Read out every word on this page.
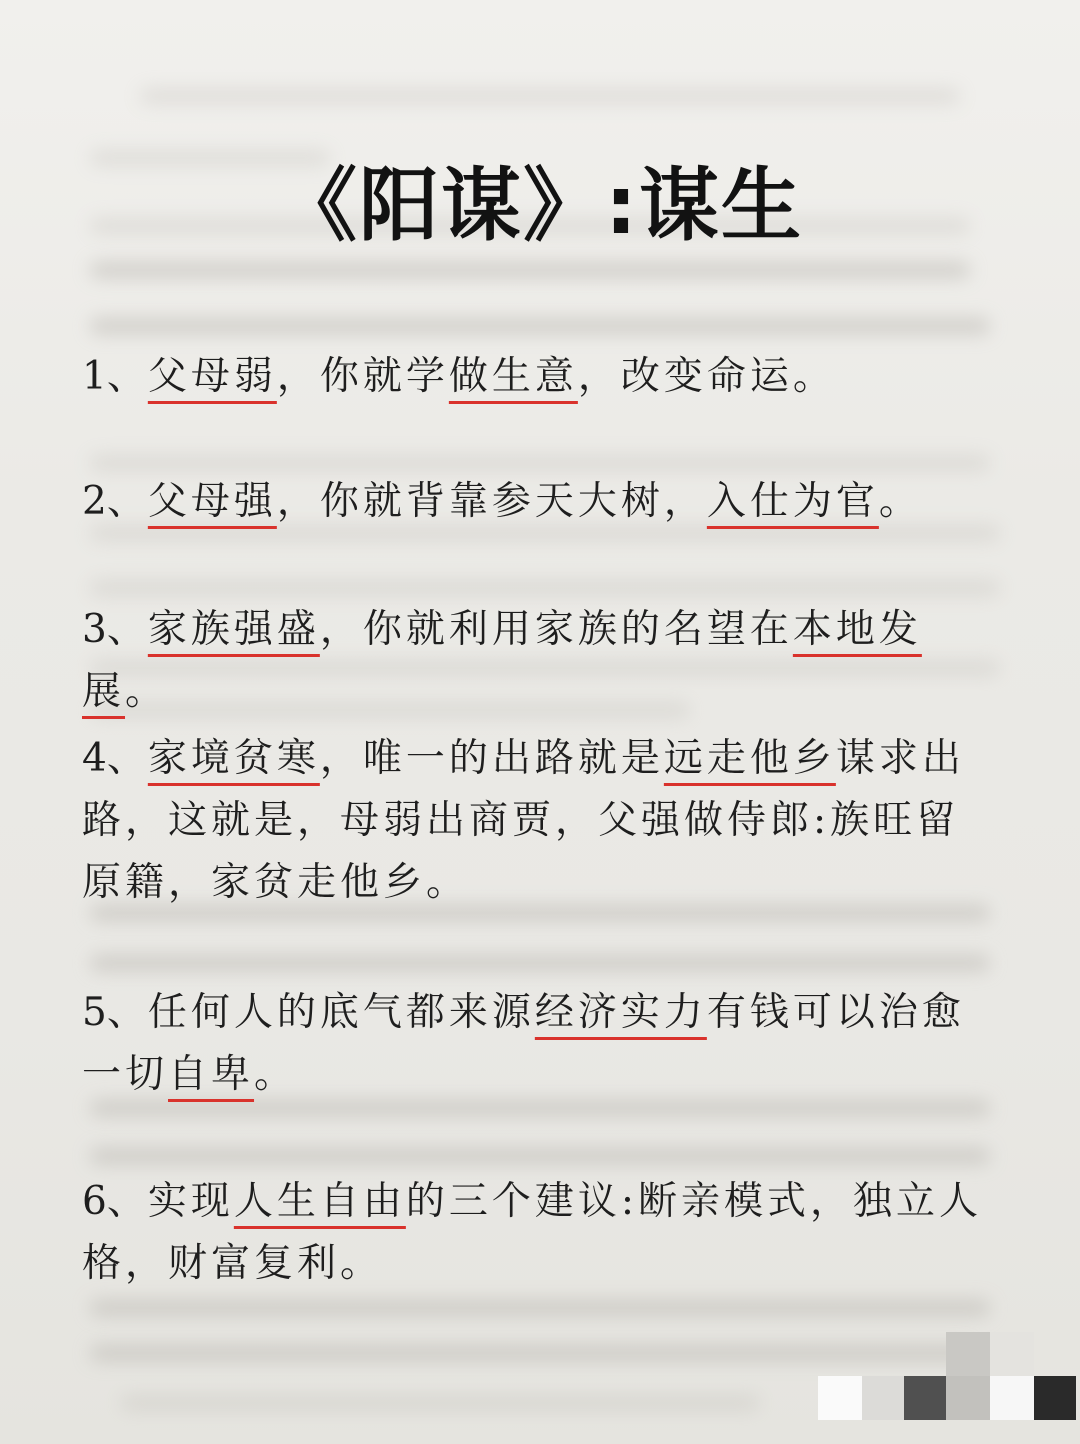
《阳谋》:谋生
1、父母弱，你就学做生意，改变命运。
2、父母强，你就背靠参天大树，入仕为官。
3、家族强盛，你就利用家族的名望在本地发展。
4、家境贫寒，唯一的出路就是远走他乡谋求出路，这就是，母弱出商贾，父强做侍郎:族旺留原籍，家贫走他乡。
5、任何人的底气都来源经济实力有钱可以治愈一切自卑。
6、实现人生自由的三个建议:断亲模式，独立人格，财富复利。
